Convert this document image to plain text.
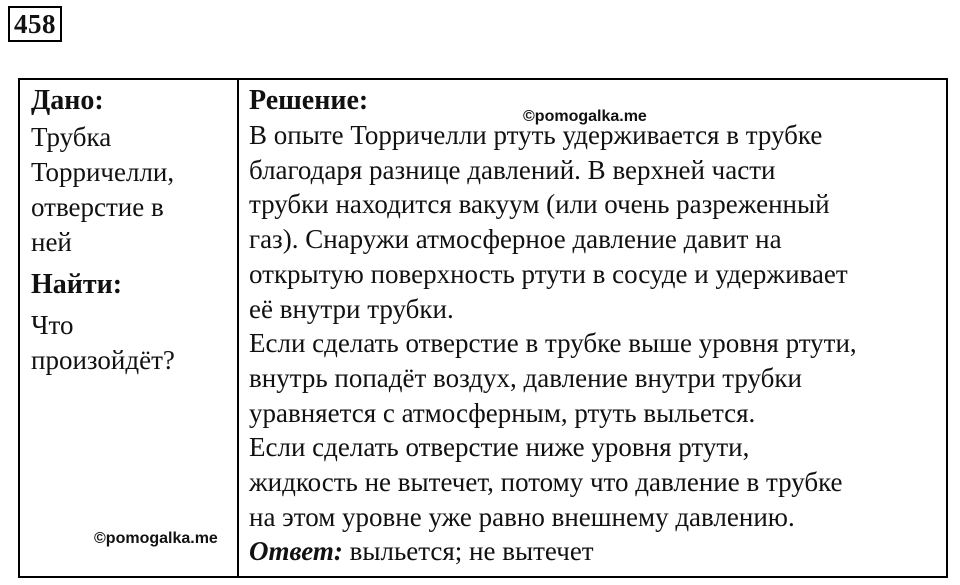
458
Дано:
Трубка
Торричелли,
отверстие в
ней
Найти:
Что
произойдёт?
Решение:

В опыте Торричелли ртуть удерживается в трубке

благодаря разнице давлений. В верхней части

трубки находится вакуум (или очень разреженный

газ). Снаружи атмосферное давление давит на

открытую поверхность ртути в сосуде и удерживает

её внутри трубки.

Если сделать отверстие в трубке выше уровня ртути,

внутрь попадёт воздух, давление внутри трубки

уравняется с атмосферным, ртуть выльется.

Если сделать отверстие ниже уровня ртути,

жидкость не вытечет, потому что давление в трубке

на этом уровне уже равно внешнему давлению.

Ответ: выльется; не вытечет
©pomogalka.me
©pomogalka.me
